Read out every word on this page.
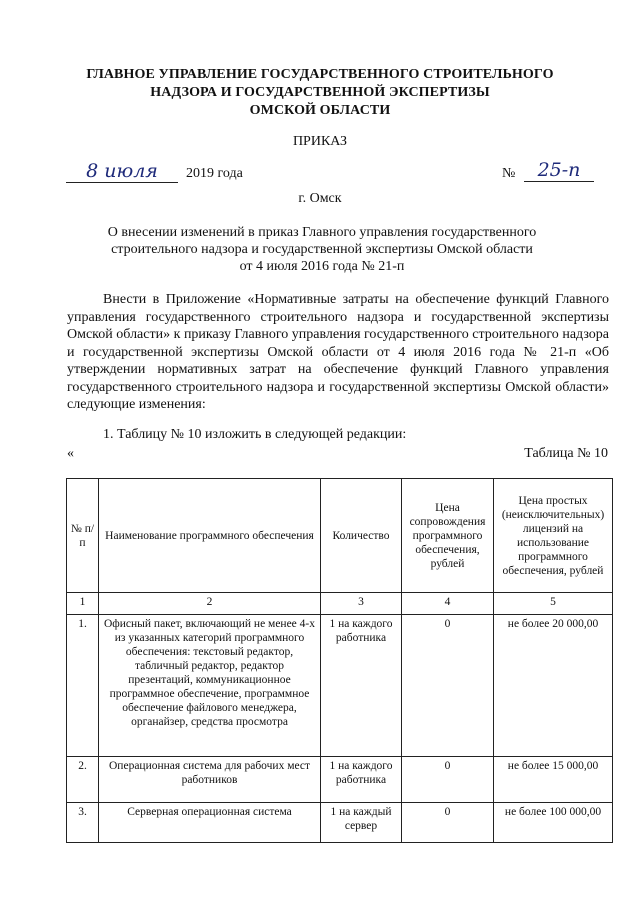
ГЛАВНОЕ УПРАВЛЕНИЕ ГОСУДАРСТВЕННОГО СТРОИТЕЛЬНОГО
НАДЗОРА И ГОСУДАРСТВЕННОЙ ЭКСПЕРТИЗЫ
ОМСКОЙ ОБЛАСТИ
ПРИКАЗ
8 июля	2019 года	№	25-п
г. Омск
О внесении изменений в приказ Главного управления государственного
строительного надзора и государственной экспертизы Омской области
от 4 июля 2016 года № 21-п
Внести в Приложение «Нормативные затраты на обеспечение функций Главного управления государственного строительного надзора и государственной экспертизы Омской области» к приказу Главного управления государственного строительного надзора и государственной экспертизы Омской области от 4 июля 2016 года № 21-п «Об утверждении нормативных затрат на обеспечение функций Главного управления государственного строительного надзора и государственной экспертизы Омской области» следующие изменения:
1. Таблицу № 10 изложить в следующей редакции:
«	Таблица № 10
№ п/п	Наименование программного обеспечения	Количество	Цена сопровождения программного обеспечения, рублей	Цена простых (неисключительных) лицензий на использование программного обеспечения, рублей
1	2	3	4	5
1.	Офисный пакет, включающий не менее 4-х из указанных категорий программного обеспечения: текстовый редактор, табличный редактор, редактор презентаций, коммуникационное программное обеспечение, программное обеспечение файлового менеджера, органайзер, средства просмотра	1 на каждого работника	0	не более 20 000,00
2.	Операционная система для рабочих мест работников	1 на каждого работника	0	не более 15 000,00
3.	Серверная операционная система	1 на каждый сервер	0	не более 100 000,00
